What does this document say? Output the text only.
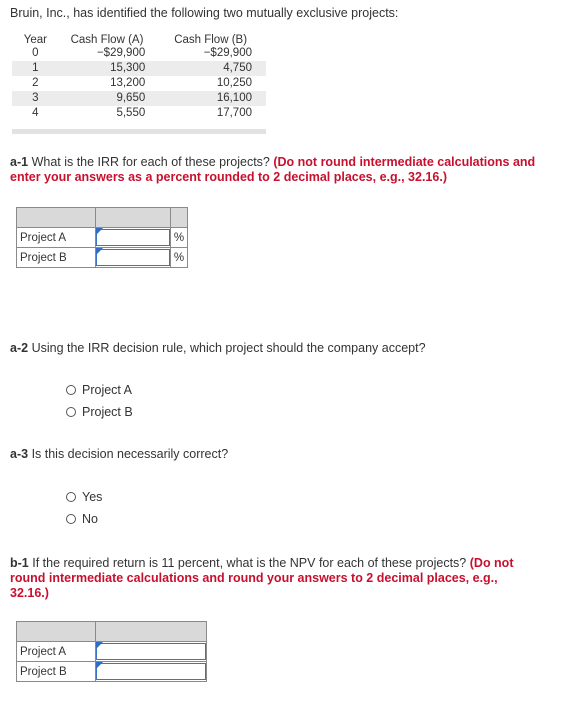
Bruin, Inc., has identified the following two mutually exclusive projects:
Year	Cash Flow (A)	Cash Flow (B)
0	−$29,900	−$29,900
1	15,300	4,750
2	13,200	10,250
3	9,650	16,100
4	5,550	17,700
a-1 What is the IRR for each of these projects? (Do not round intermediate calculations and enter your answers as a percent rounded to 2 decimal places, e.g., 32.16.)

Project A		%
Project B		%
a-2 Using the IRR decision rule, which project should the company accept?
Project A
Project B
a-3 Is this decision necessarily correct?
Yes
No
b-1 If the required return is 11 percent, what is the NPV for each of these projects? (Do not round intermediate calculations and round your answers to 2 decimal places, e.g., 32.16.)

Project A	

Project B	
